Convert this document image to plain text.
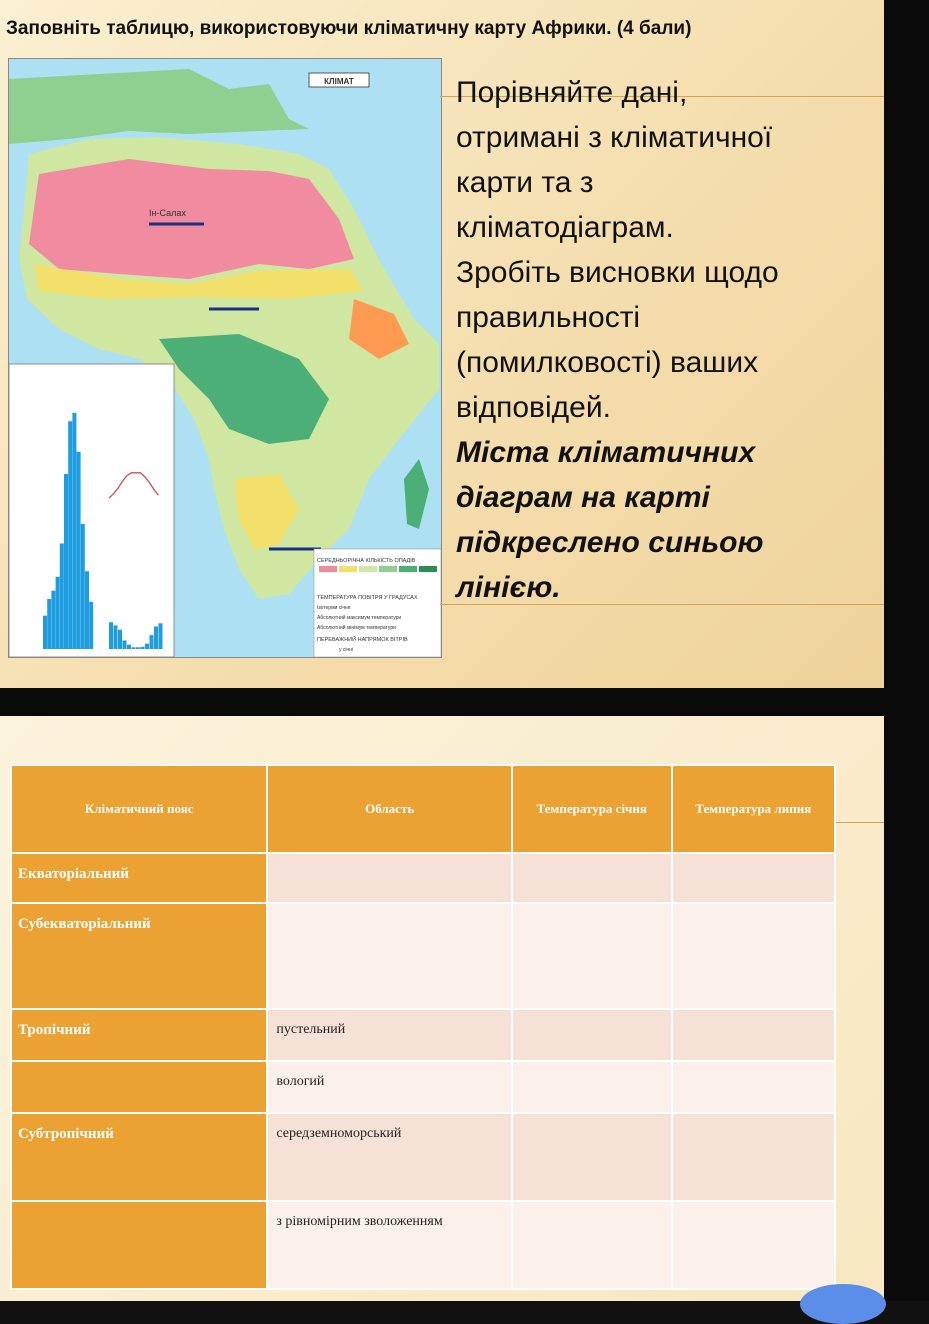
Заповніть таблицю, використовуючи кліматичну карту Африки. (4 бали)
КЛІМАТ
Ін-Салах
СЕРЕДНЬОРІЧНА КІЛЬКІСТЬ ОПАДІВ
ТЕМПЕРАТУРА ПОВІТРЯ У ГРАДУСАХ
Ізотерми січня
Абсолютний максимум температури
Абсолютний мінімум температури
ПЕРЕВАЖНИЙ НАПРЯМОК ВІТРІВ
у січні
Порівняйте дані,
отримані з кліматичної
карти та з
кліматодіаграм.
Зробіть висновки щодо
правильності
(помилковості) ваших
відповідей.
Міста кліматичних
діаграм на карті
підкреслено синьою
лінією.
Кліматичний пояс	Область	Температура січня	Температура липня
Екваторіальний			
Субекваторіальний			
Тропічний	пустельний		
	вологий		
Субтропічний	середземноморський		
	з рівномірним зволоженням		
